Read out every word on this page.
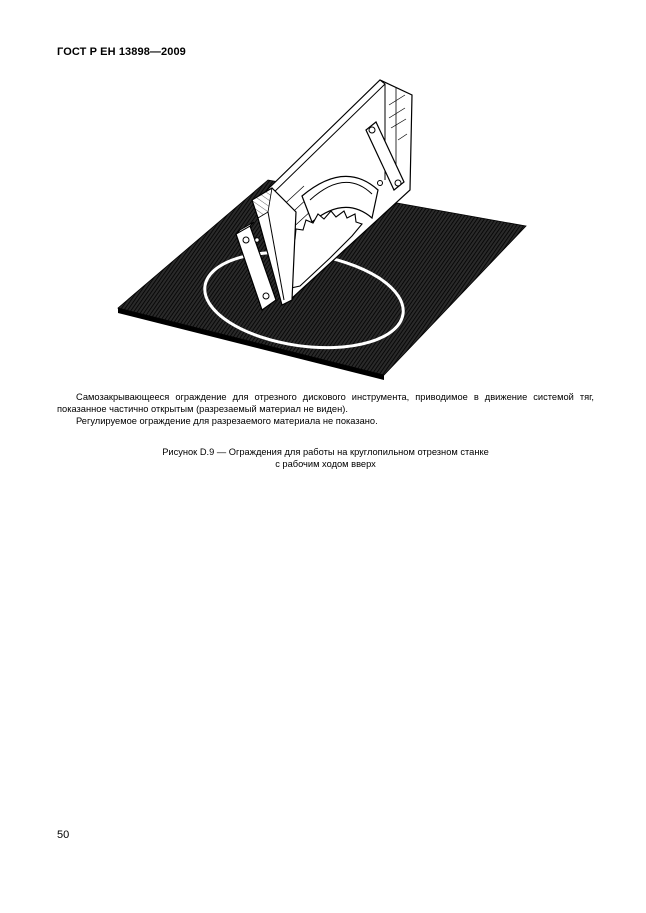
ГОСТ Р ЕН 13898—2009

Самозакрывающееся ограждение для отрезного дискового инструмента, приводимое в движение системой тяг, показанное частично открытым (разрезаемый материал не виден).

Регулируемое ограждение для разрезаемого материала не показано.

Рисунок D.9 — Ограждения для работы на круглопильном отрезном станке
с рабочим ходом вверх
50
